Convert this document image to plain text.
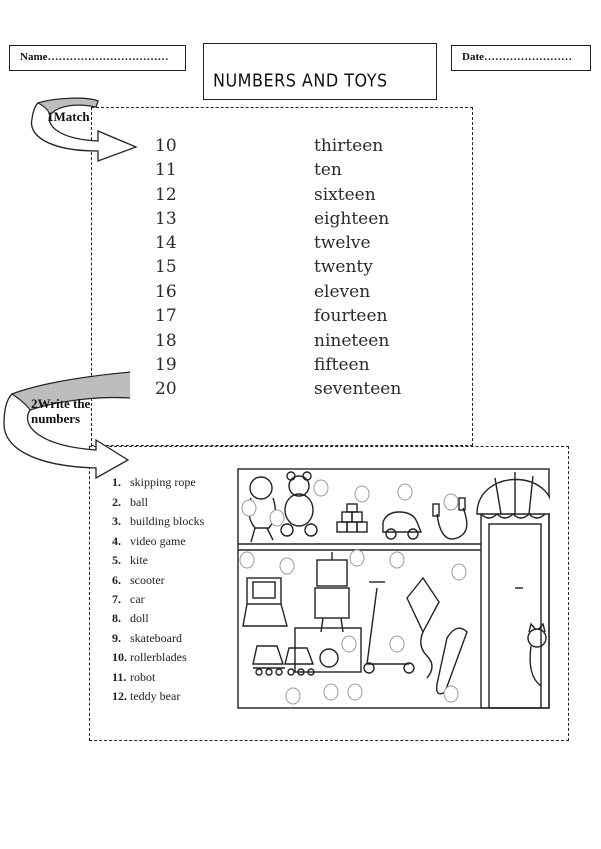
Name……………………………
NUMBERS AND TOYS
Date……………………
1Match
10
11
12
13
14
15
16
17
18
19
20
thirteen
ten
sixteen
eighteen
twelve
twenty
eleven
fourteen
nineteen
fifteen
seventeen
2Write the
numbers
1. skipping rope
2. ball
3. building blocks
4. video game
5. kite
6. scooter
7. car
8. doll
9. skateboard
10. rollerblades
11. robot
12. teddy bear
